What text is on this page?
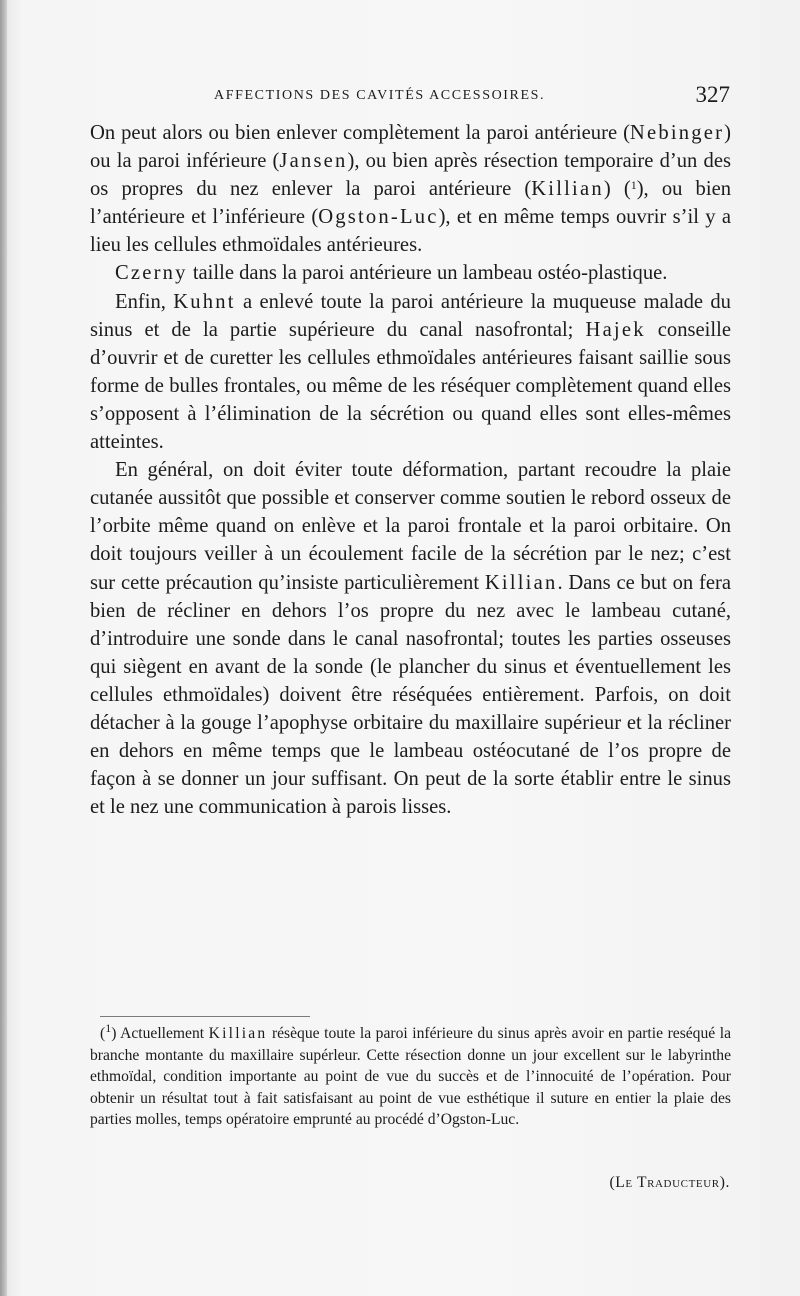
AFFECTIONS DES CAVITÉS ACCESSOIRES.	327

On peut alors ou bien enlever complètement la paroi antérieure (Nebinger) ou la paroi inférieure (Jansen), ou bien après résection temporaire d’un des os propres du nez enlever la paroi antérieure (Killian) ($^1$), ou bien l’antérieure et l’inférieure (Ogston-Luc), et en même temps ouvrir s’il y a lieu les cellules ethmoïdales antérieures.

Czerny taille dans la paroi antérieure un lambeau ostéo-plastique.

Enfin, Kuhnt a enlevé toute la paroi antérieure la muqueuse malade du sinus et de la partie supérieure du canal nasofrontal; Hajek conseille d’ouvrir et de curetter les cellules ethmoïdales antérieures faisant saillie sous forme de bulles frontales, ou même de les réséquer complètement quand elles s’opposent à l’élimination de la sécrétion ou quand elles sont elles-mêmes atteintes.

En général, on doit éviter toute déformation, partant recoudre la plaie cutanée aussitôt que possible et conserver comme soutien le rebord osseux de l’orbite même quand on enlève et la paroi frontale et la paroi orbitaire. On doit toujours veiller à un écoulement facile de la sécrétion par le nez; c’est sur cette précaution qu’insiste particulièrement Killian. Dans ce but on fera bien de récliner en dehors l’os propre du nez avec le lambeau cutané, d’introduire une sonde dans le canal nasofrontal; toutes les parties osseuses qui siègent en avant de la sonde (le plancher du sinus et éventuellement les cellules ethmoïdales) doivent être réséquées entièrement. Parfois, on doit détacher à la gouge l’apophyse orbitaire du maxillaire supérieur et la récliner en dehors en même temps que le lambeau ostéocutané de l’os propre de façon à se donner un jour suffisant. On peut de la sorte établir entre le sinus et le nez une communication à parois lisses.

($^1$) Actuellement Killian résèque toute la paroi inférieure du sinus après avoir en partie reséqué la branche montante du maxillaire supérleur. Cette résection donne un jour excellent sur le labyrinthe ethmoïdal, condition importante au point de vue du succès et de l’innocuité de l’opération. Pour obtenir un résultat tout à fait satisfaisant au point de vue esthétique il suture en entier la plaie des parties molles, temps opératoire emprunté au procédé d’Ogston-Luc.

(Le Traducteur).
